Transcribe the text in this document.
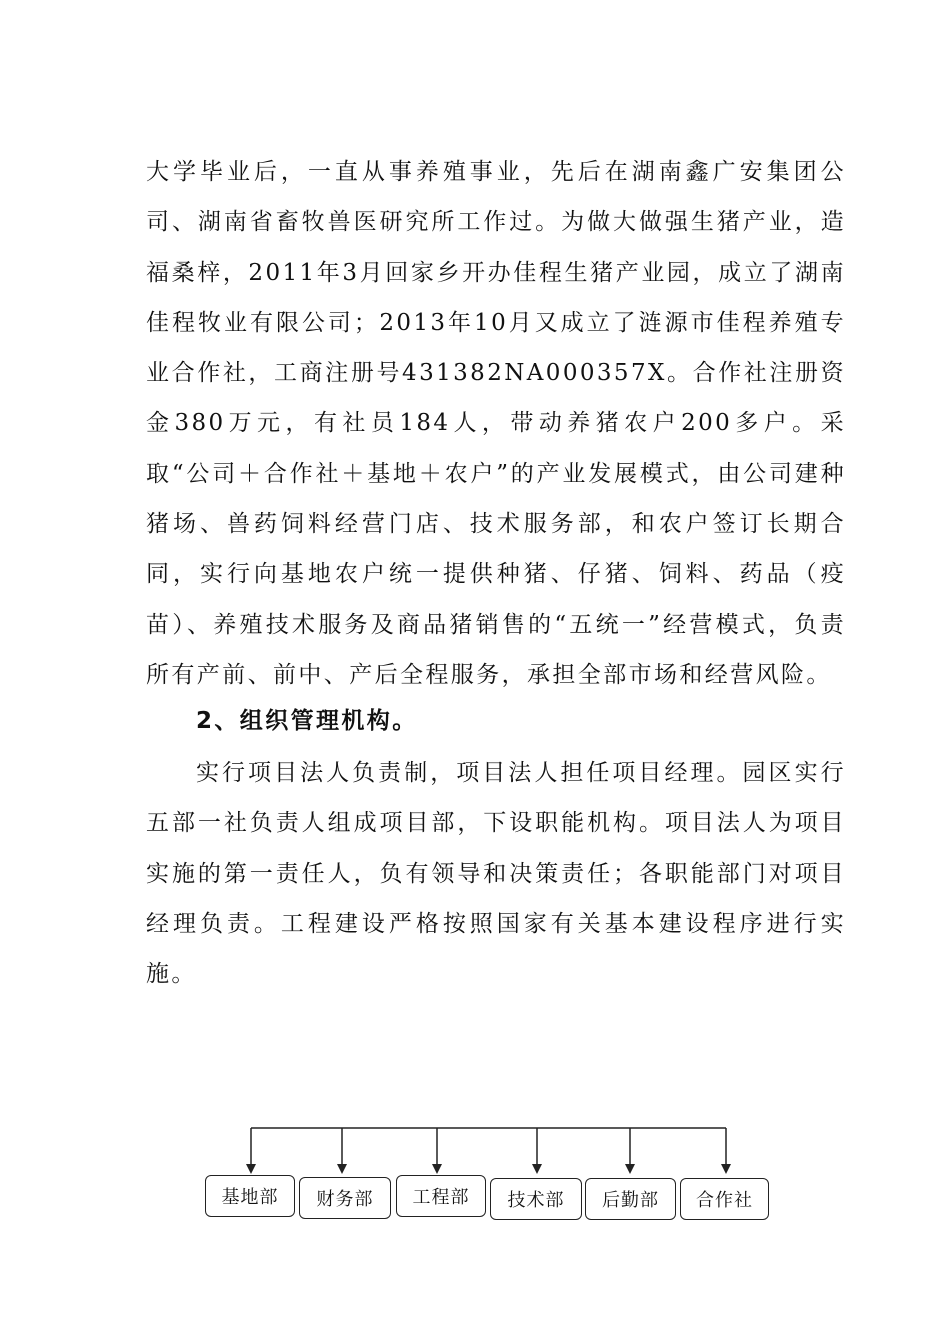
大学毕业后，一直从事养殖事业，先后在湖南鑫广安集团公司、湖南省畜牧兽医研究所工作过。为做大做强生猪产业，造福桑梓，2011年3月回家乡开办佳程生猪产业园，成立了湖南佳程牧业有限公司；2013年10月又成立了涟源市佳程养殖专业合作社，工商注册号431382NA000357X。合作社注册资金380万元，有社员184人，带动养猪农户200多户。采取“公司＋合作社＋基地＋农户”的产业发展模式，由公司建种猪场、兽药饲料经营门店、技术服务部，和农户签订长期合同，实行向基地农户统一提供种猪、仔猪、饲料、药品（疫苗）、养殖技术服务及商品猪销售的“五统一”经营模式，负责所有产前、前中、产后全程服务，承担全部市场和经营风险。

2、组织管理机构。

实行项目法人负责制，项目法人担任项目经理。园区实行五部一社负责人组成项目部，下设职能机构。项目法人为项目实施的第一责任人，负有领导和决策责任；各职能部门对项目经理负责。工程建设严格按照国家有关基本建设程序进行实施。

基地部	财务部	工程部	技术部	后勤部	合作社
